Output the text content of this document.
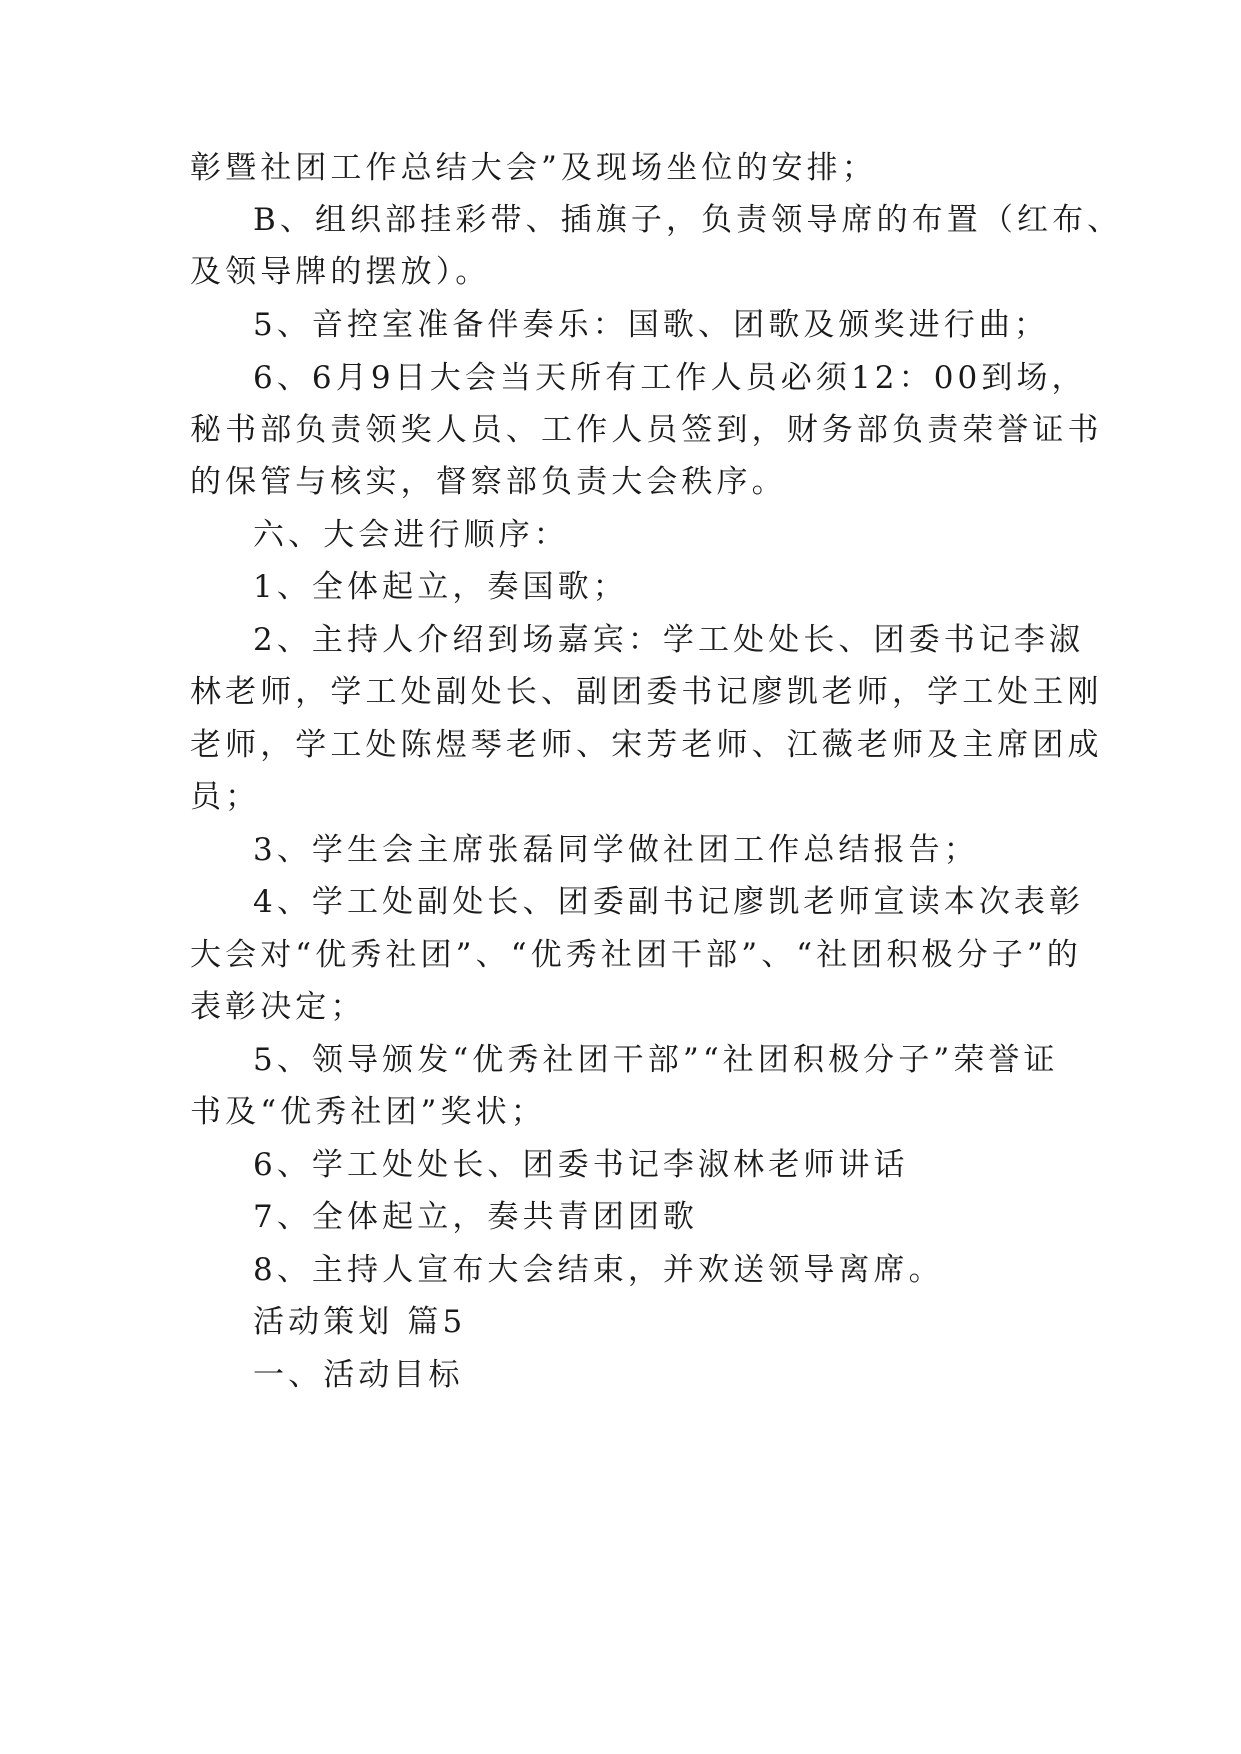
彰暨社团工作总结大会”及现场坐位的安排；
B、组织部挂彩带、插旗子，负责领导席的布置（红布、
及领导牌的摆放）。
5、音控室准备伴奏乐：国歌、团歌及颁奖进行曲；
6、6月9日大会当天所有工作人员必须12：00到场，
秘书部负责领奖人员、工作人员签到，财务部负责荣誉证书
的保管与核实，督察部负责大会秩序。
六、大会进行顺序：
1、全体起立，奏国歌；
2、主持人介绍到场嘉宾：学工处处长、团委书记李淑
林老师，学工处副处长、副团委书记廖凯老师，学工处王刚
老师，学工处陈煜琴老师、宋芳老师、江薇老师及主席团成
员；
3、学生会主席张磊同学做社团工作总结报告；
4、学工处副处长、团委副书记廖凯老师宣读本次表彰
大会对“优秀社团”、“优秀社团干部”、“社团积极分子”的
表彰决定；
5、领导颁发“优秀社团干部”“社团积极分子”荣誉证
书及“优秀社团”奖状；
6、学工处处长、团委书记李淑林老师讲话
7、全体起立，奏共青团团歌
8、主持人宣布大会结束，并欢送领导离席。
活动策划 篇5
一、活动目标
